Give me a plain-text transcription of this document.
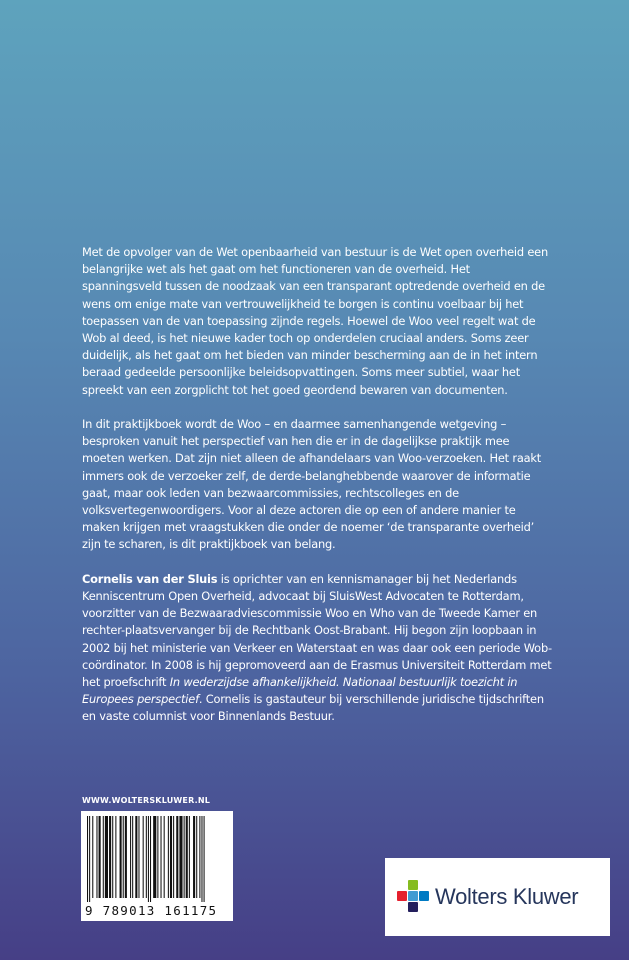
Met de opvolger van de Wet openbaarheid van bestuur is de Wet open overheid een belangrijke wet als het gaat om het functioneren van de overheid. Het spanningsveld tussen de noodzaak van een transparant optredende overheid en de wens om enige mate van vertrouwelijkheid te borgen is continu voelbaar bij het toepassen van de van toepassing zijnde regels. Hoewel de Woo veel regelt wat de Wob al deed, is het nieuwe kader toch op onderdelen cruciaal anders. Soms zeer duidelijk, als het gaat om het bieden van minder bescherming aan de in het intern beraad gedeelde persoonlijke beleidsopvattingen. Soms meer subtiel, waar het spreekt van een zorgplicht tot het goed geordend bewaren van documenten.

In dit praktijkboek wordt de Woo – en daarmee samenhangende wetgeving – besproken vanuit het perspectief van hen die er in de dagelijkse praktijk mee moeten werken. Dat zijn niet alleen de afhandelaars van Woo-verzoeken. Het raakt immers ook de verzoeker zelf, de derde-belanghebbende waarover de informatie gaat, maar ook leden van bezwaarcommissies, rechtscolleges en de volksvertegenwoordigers. Voor al deze actoren die op een of andere manier te maken krijgen met vraagstukken die onder de noemer ‘de transparante overheid’ zijn te scharen, is dit praktijkboek van belang.

Cornelis van der Sluis is oprichter van en kennismanager bij het Nederlands Kenniscentrum Open Overheid, advocaat bij SluisWest Advocaten te Rotterdam, voorzitter van de Bezwaaradviescommissie Woo en Who van de Tweede Kamer en rechter-plaatsvervanger bij de Rechtbank Oost-Brabant. Hij begon zijn loopbaan in 2002 bij het ministerie van Verkeer en Waterstaat en was daar ook een periode Wob-coördinator. In 2008 is hij gepromoveerd aan de Erasmus Universiteit Rotterdam met het proefschrift In wederzijdse afhankelijkheid. Nationaal bestuurlijk toezicht in Europees perspectief. Cornelis is gastauteur bij verschillende juridische tijdschriften en vaste columnist voor Binnenlands Bestuur.

WWW.WOLTERSKLUWER.NL
9 789013 161175
Wolters Kluwer
